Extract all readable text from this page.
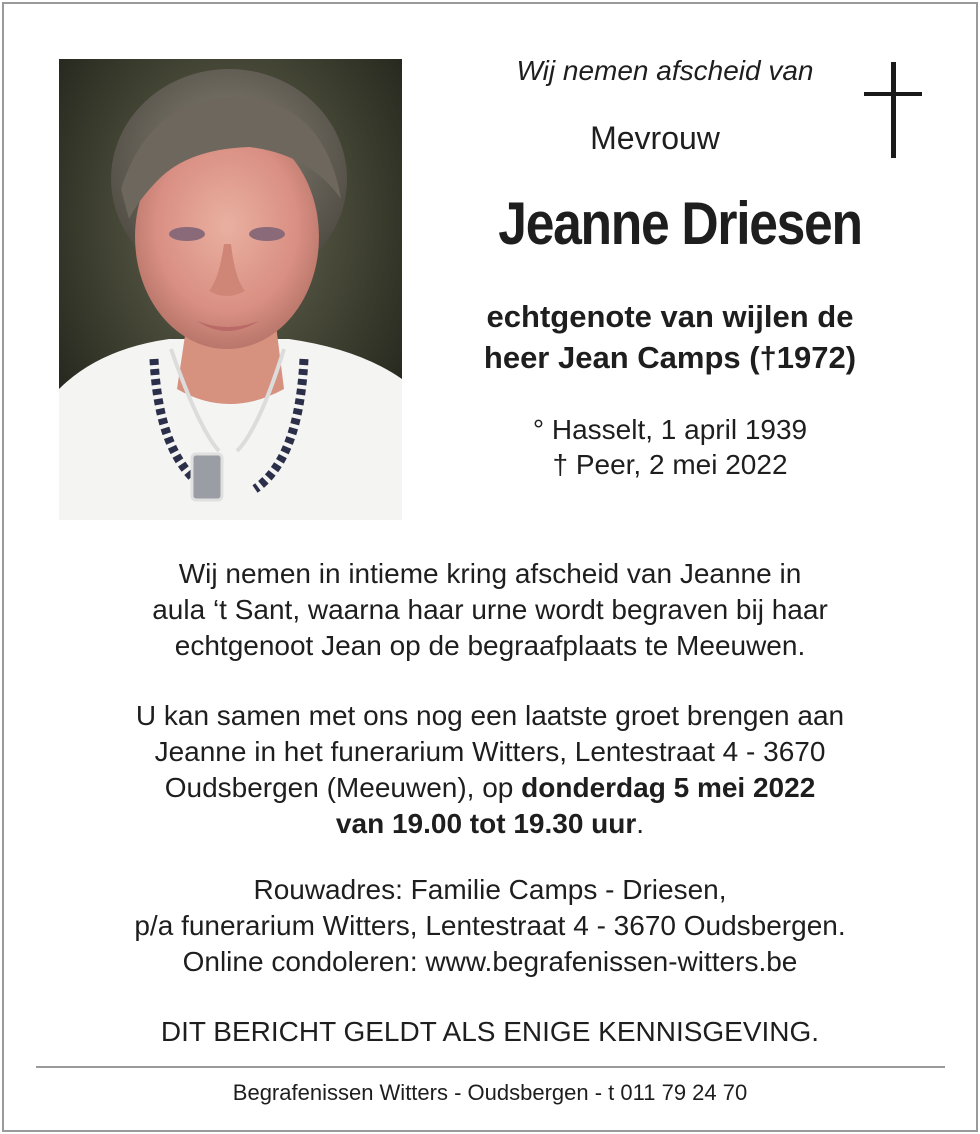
Wij nemen afscheid van
Mevrouw
Jeanne Driesen
echtgenote van wijlen de
heer Jean Camps (†1972)
° Hasselt, 1 april 1939
† Peer, 2 mei 2022
Wij nemen in intieme kring afscheid van Jeanne in
aula ‘t Sant, waarna haar urne wordt begraven bij haar
echtgenoot Jean op de begraafplaats te Meeuwen.
U kan samen met ons nog een laatste groet brengen aan
Jeanne in het funerarium Witters, Lentestraat 4 - 3670
Oudsbergen (Meeuwen), op donderdag 5 mei 2022
van 19.00 tot 19.30 uur.
Rouwadres: Familie Camps - Driesen,
p/a funerarium Witters, Lentestraat 4 - 3670 Oudsbergen.
Online condoleren: www.begrafenissen-witters.be
DIT BERICHT GELDT ALS ENIGE KENNISGEVING.
Begrafenissen Witters - Oudsbergen - t 011 79 24 70
